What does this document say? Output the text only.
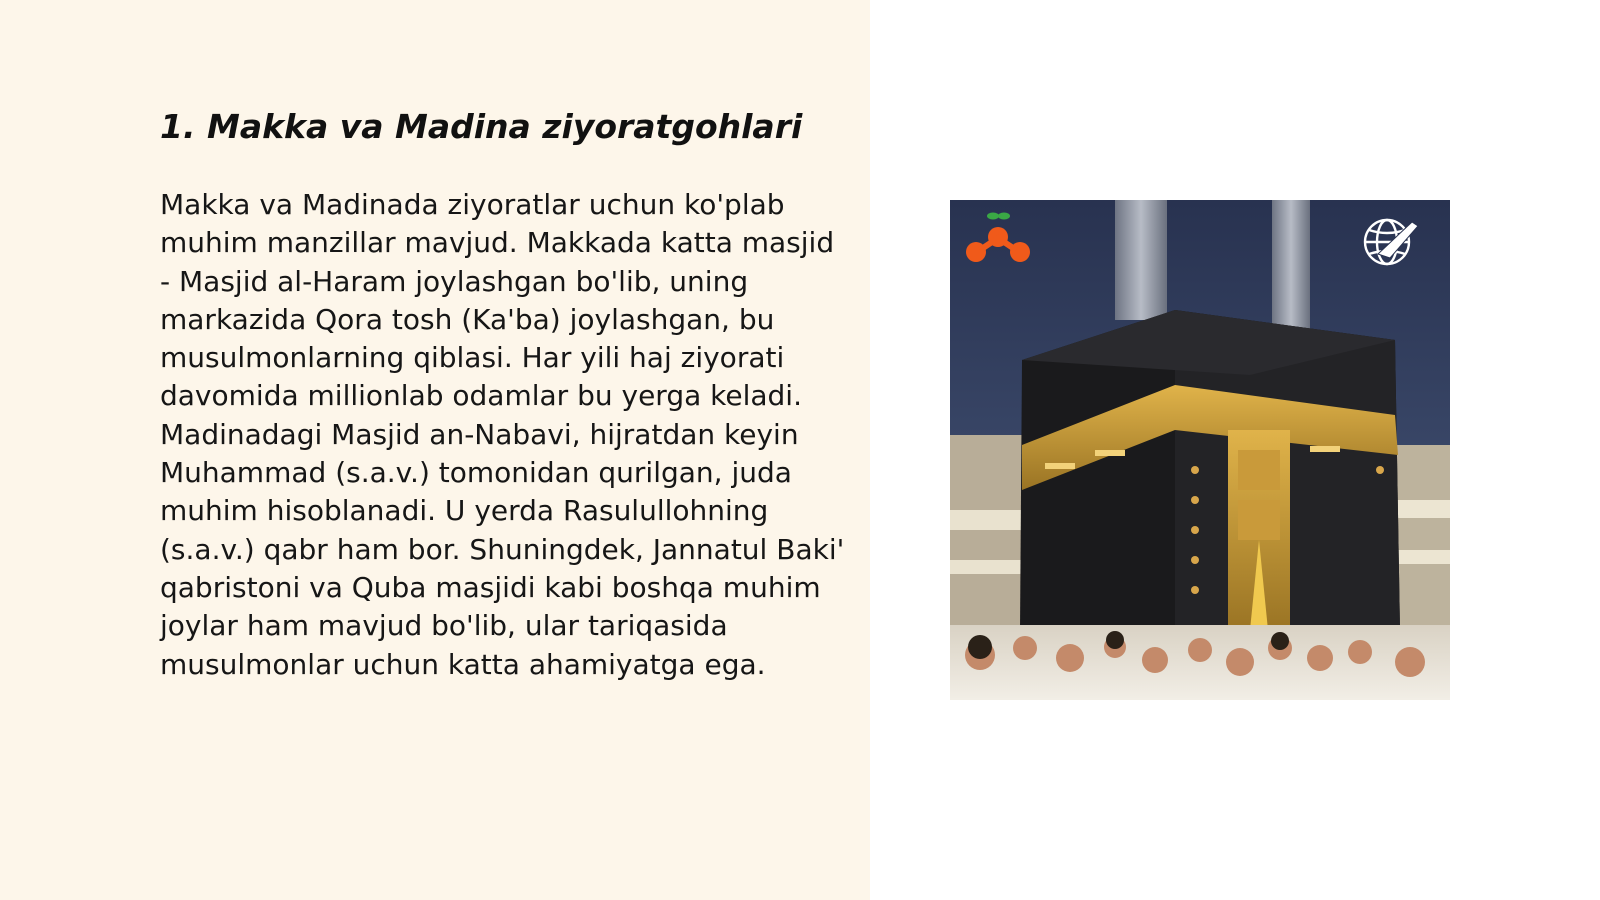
1. Makka va Madina ziyoratgohlari

Makka va Madinada ziyoratlar uchun ko'plab muhim manzillar mavjud. Makkada katta masjid - Masjid al-Haram joylashgan bo'lib, uning markazida Qora tosh (Ka'ba) joylashgan, bu musulmonlarning qiblasi. Har yili haj ziyorati davomida millionlab odamlar bu yerga keladi. Madinadagi Masjid an-Nabavi, hijratdan keyin Muhammad (s.a.v.) tomonidan qurilgan, juda muhim hisoblanadi. U yerda Rasulullohning (s.a.v.) qabr ham bor. Shuningdek, Jannatul Baki' qabristoni va Quba masjidi kabi boshqa muhim joylar ham mavjud bo'lib, ular tariqasida musulmonlar uchun katta ahamiyatga ega.
